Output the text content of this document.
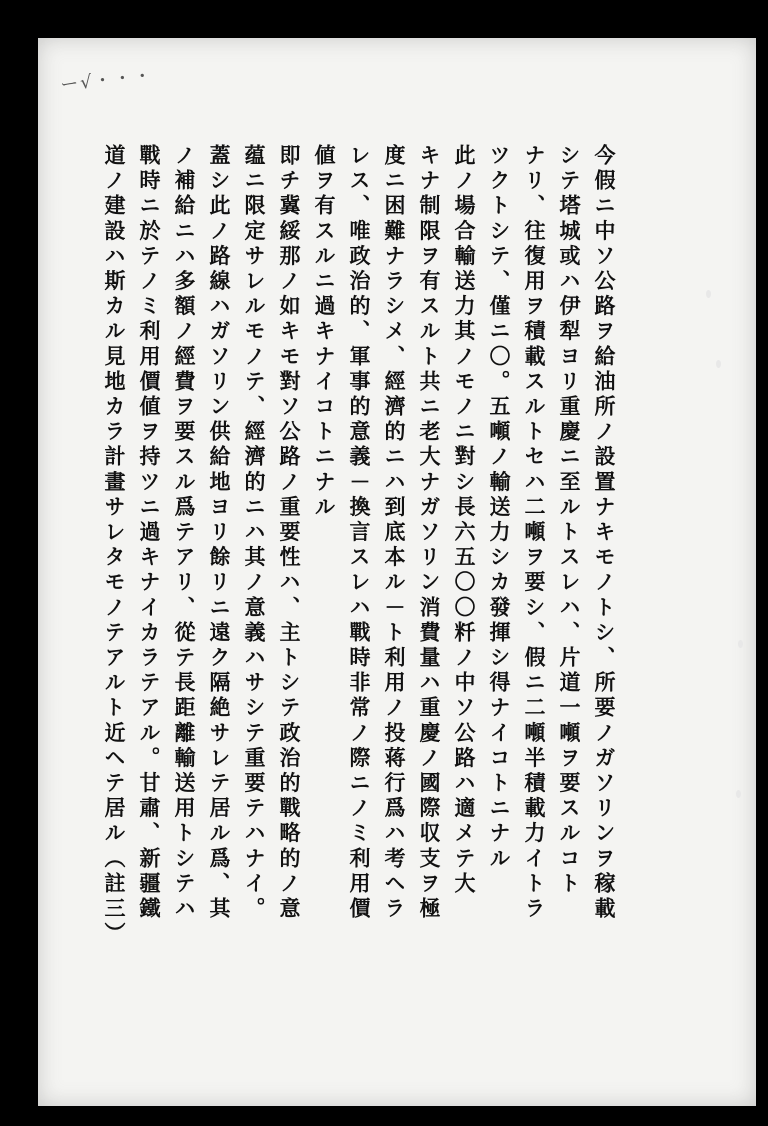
ー√・・・
今假ニ中ソ公路ヲ給油所ノ設置ナキモノトシ、所要ノガソリンヲ稼載
シテ塔城或ハ伊犁ヨリ重慶ニ至ルトスレハ、片道一噸ヲ要スルコト
ナリ、往復用ヲ積載スルトセハ二噸ヲ要シ、假ニ二噸半積載力イトラ
ツクトシテ、僅ニ〇。五噸ノ輸送力シカ發揮シ得ナイコトニナル
此ノ場合輸送力其ノモノニ對シ長六五〇〇粁ノ中ソ公路ハ適メテ大
キナ制限ヲ有スルト共ニ老大ナガソリン消費量ハ重慶ノ國際収支ヲ極
度ニ困難ナラシメ、經濟的ニハ到底本ル－ト利用ノ投蒋行爲ハ考ヘラ
レス、唯政治的、軍事的意義－換言スレハ戰時非常ノ際ニノミ利用價
値ヲ有スルニ過キナイコトニナル
即チ冀綏那ノ如キモ對ソ公路ノ重要性ハ、主トシテ政治的戰略的ノ意
蕴ニ限定サレルモノテ、經濟的ニハ其ノ意義ハサシテ重要テハナイ。
蓋シ此ノ路線ハガソリン供給地ヨリ餘リニ遠ク隔絶サレテ居ル爲、其
ノ補給ニハ多額ノ經費ヲ要スル爲テアリ、從テ長距離輸送用トシテハ
戰時ニ於テノミ利用價値ヲ持ツニ過キナイカラテアル。甘肅、新疆鐵
道ノ建設ハ斯カル見地カラ計畫サレタモノテアルト近ヘテ居ル（註三）
